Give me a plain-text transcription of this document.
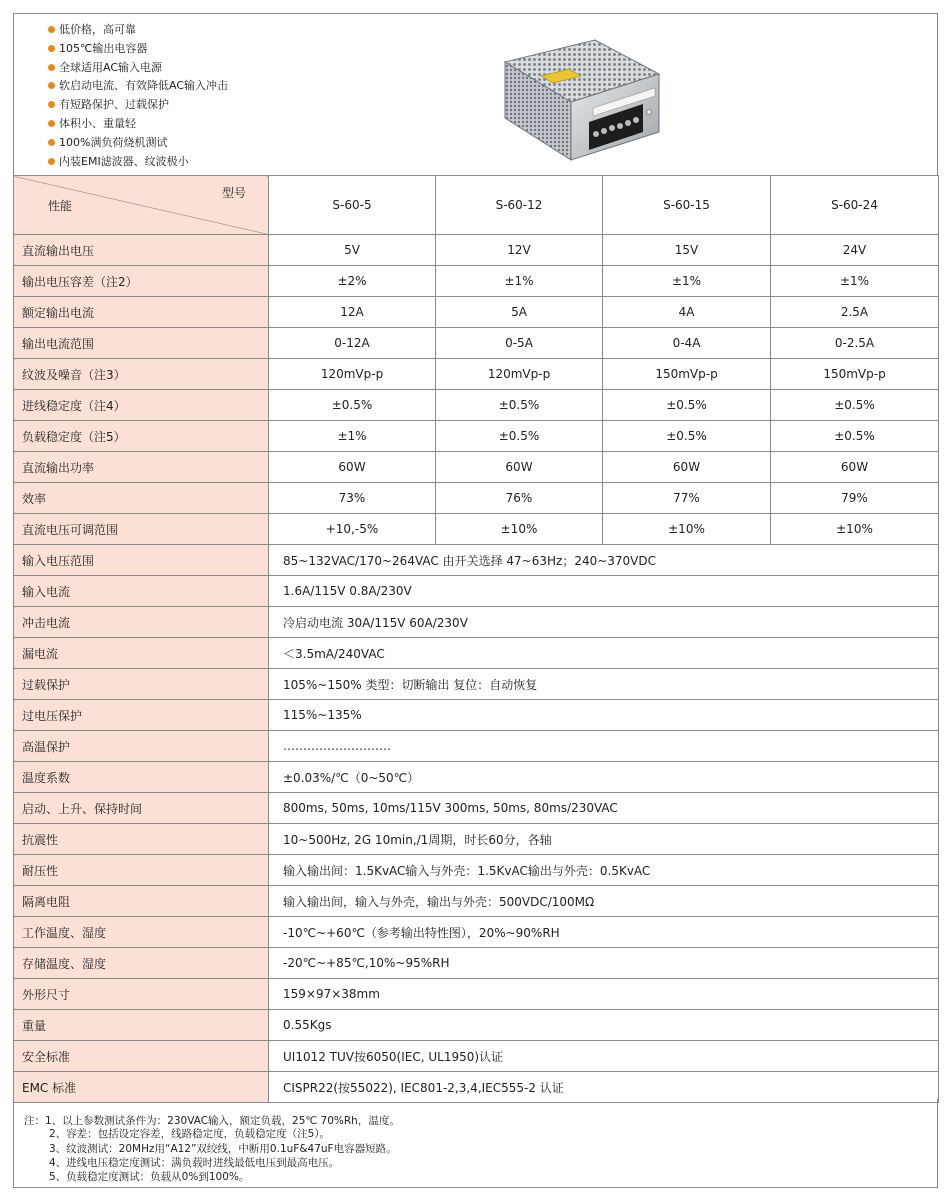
低价格，高可靠
105℃输出电容器
全球适用AC输入电源
软启动电流、有效降低AC输入冲击
有短路保护、过载保护
体积小、重量轻
100%满负荷烧机测试
内装EMI滤波器、纹波极小
型号
性能	S-60-5	S-60-12	S-60-15	S-60-24
直流输出电压	5V	12V	15V	24V
输出电压容差（注2）	±2%	±1%	±1%	±1%
额定输出电流	12A	5A	4A	2.5A
输出电流范围	0-12A	0-5A	0-4A	0-2.5A
纹波及噪音（注3）	120mVp-p	120mVp-p	150mVp-p	150mVp-p
进线稳定度（注4）	±0.5%	±0.5%	±0.5%	±0.5%
负载稳定度（注5）	±1%	±0.5%	±0.5%	±0.5%
直流输出功率	60W	60W	60W	60W
效率	73%	76%	77%	79%
直流电压可调范围	+10,-5%	±10%	±10%	±10%
输入电压范围	85~132VAC/170~264VAC 由开关选择 47~63Hz；240~370VDC			
输入电流	1.6A/115V 0.8A/230V			
冲击电流	冷启动电流 30A/115V 60A/230V			
漏电流	＜3.5mA/240VAC			
过载保护	105%~150% 类型：切断输出 复位：自动恢复			
过电压保护	115%~135%			
高温保护	………………………			
温度系数	±0.03%/℃（0~50℃）			
启动、上升、保持时间	800ms, 50ms, 10ms/115V 300ms, 50ms, 80ms/230VAC			
抗震性	10~500Hz, 2G 10min,/1周期，时长60分，各轴			
耐压性	输入输出间：1.5KvAC输入与外壳：1.5KvAC输出与外壳：0.5KvAC			
隔离电阻	输入输出间，输入与外壳，输出与外壳：500VDC/100MΩ			
工作温度、湿度	-10℃~+60℃（参考输出特性图），20%~90%RH			
存储温度、湿度	-20℃~+85℃,10%~95%RH			
外形尺寸	159×97×38mm			
重量	0.55Kgs			
安全标准	UI1012 TUV按6050(IEC, UL1950)认证			
EMC 标准	CISPR22(按55022), IEC801-2,3,4,IEC555-2 认证			
注：1、以上参数测试条件为：230VAC输入，额定负载，25℃ 70%Rh，温度。
2、容差：包括设定容差，线路稳定度，负载稳定度（注5）。
3、纹波测试：20MHz用“A12”双绞线，中断用0.1uF&47uF电容器短路。
4、进线电压稳定度测试：满负载时进线最低电压到最高电压。
5、负载稳定度测试：负载从0%到100%。
